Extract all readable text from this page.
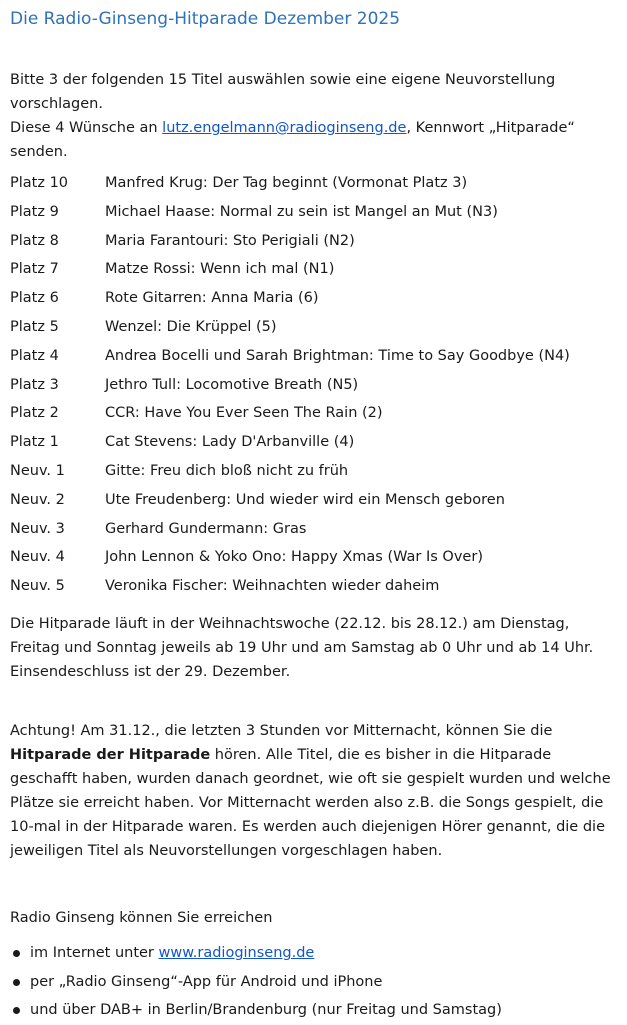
Die Radio-Ginseng-Hitparade Dezember 2025
Bitte 3 der folgenden 15 Titel auswählen sowie eine eigene Neuvorstellung vorschlagen.
Diese 4 Wünsche an lutz.engelmann@radioginseng.de, Kennwort „Hitparade“ senden.
Platz 10	Manfred Krug: Der Tag beginnt (Vormonat Platz 3)
Platz 9	Michael Haase: Normal zu sein ist Mangel an Mut (N3)
Platz 8	Maria Farantouri: Sto Perigiali (N2)
Platz 7	Matze Rossi: Wenn ich mal (N1)
Platz 6	Rote Gitarren: Anna Maria (6)
Platz 5	Wenzel: Die Krüppel (5)
Platz 4	Andrea Bocelli und Sarah Brightman: Time to Say Goodbye (N4)
Platz 3	Jethro Tull: Locomotive Breath (N5)
Platz 2	CCR: Have You Ever Seen The Rain (2)
Platz 1	Cat Stevens: Lady D'Arbanville (4)
Neuv. 1	Gitte: Freu dich bloß nicht zu früh
Neuv. 2	Ute Freudenberg: Und wieder wird ein Mensch geboren
Neuv. 3	Gerhard Gundermann: Gras
Neuv. 4	John Lennon & Yoko Ono: Happy Xmas (War Is Over)
Neuv. 5	Veronika Fischer: Weihnachten wieder daheim
Die Hitparade läuft in der Weihnachtswoche (22.12. bis 28.12.) am Dienstag, Freitag und Sonntag jeweils ab 19 Uhr und am Samstag ab 0 Uhr und ab 14 Uhr. Einsendeschluss ist der 29. Dezember.
Achtung! Am 31.12., die letzten 3 Stunden vor Mitternacht, können Sie die Hitparade der Hitparade hören. Alle Titel, die es bisher in die Hitparade geschafft haben, wurden danach geordnet, wie oft sie gespielt wurden und welche Plätze sie erreicht haben. Vor Mitternacht werden also z.B. die Songs gespielt, die 10-mal in der Hitparade waren. Es werden auch diejenigen Hörer genannt, die die jeweiligen Titel als Neuvorstellungen vorgeschlagen haben.
Radio Ginseng können Sie erreichen
im Internet unter www.radioginseng.de
per „Radio Ginseng“-App für Android und iPhone
und über DAB+ in Berlin/Brandenburg (nur Freitag und Samstag)
